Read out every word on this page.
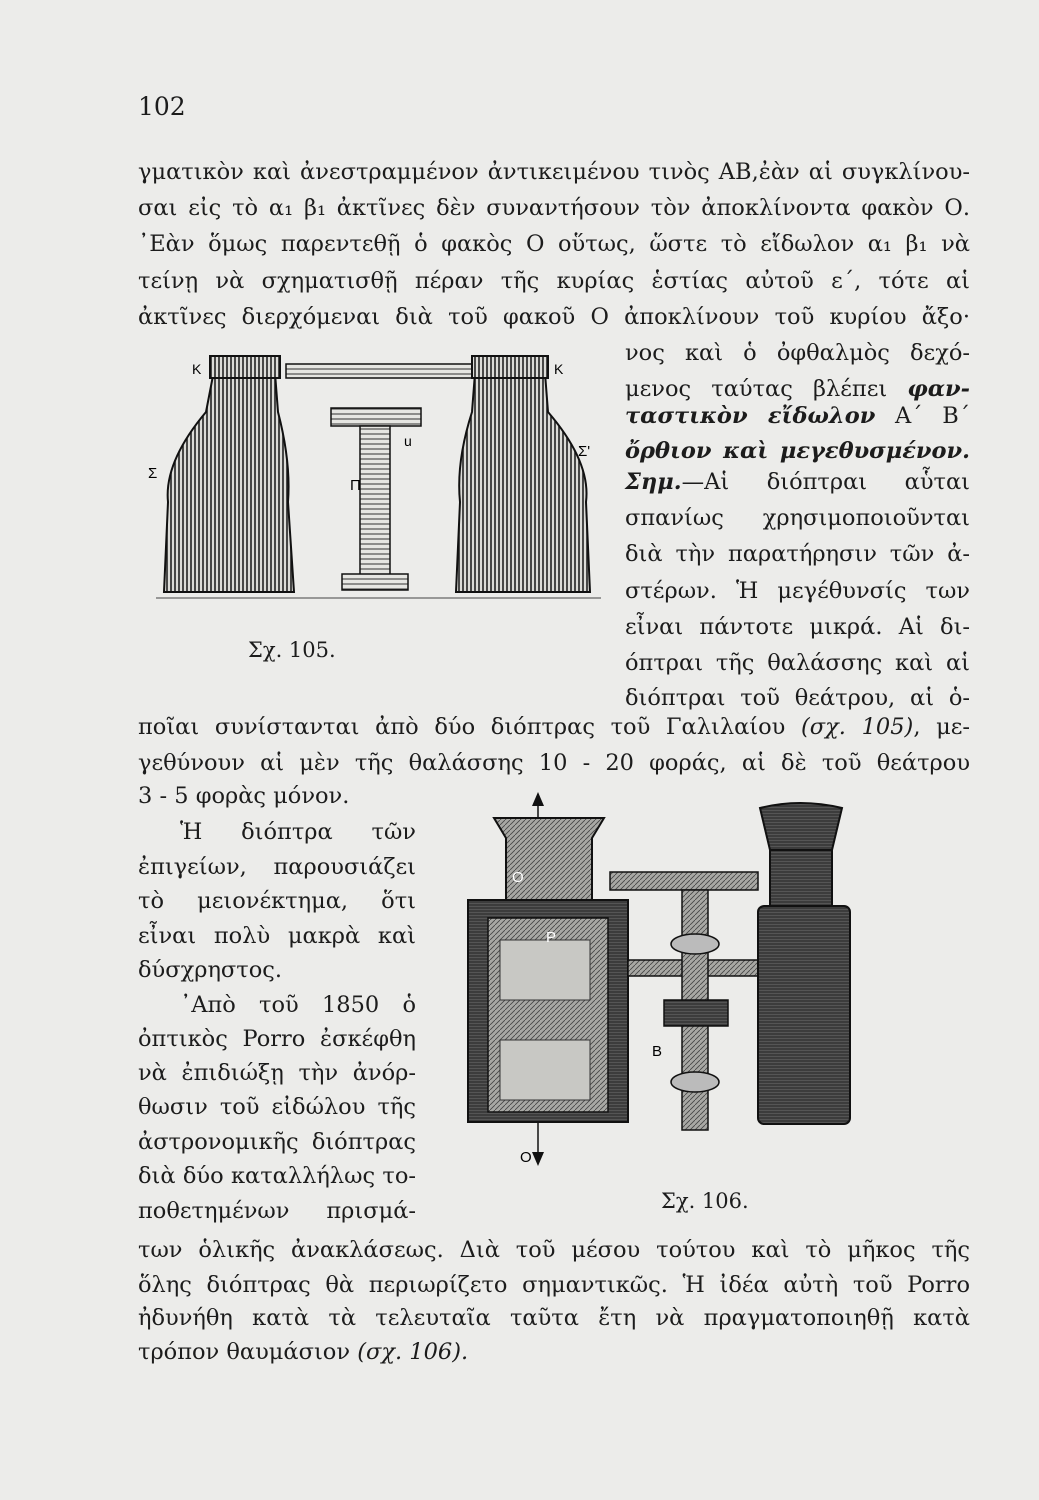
102
γματικὸν καὶ ἀνεστραμμένον ἀντικειμένου τινὸς ΑΒ,ἐὰν αἱ συγκλίνου-
σαι εἰς τὸ α₁ β₁ ἀκτῖνες δὲν συναντήσουν τὸν ἀποκλίνοντα φακὸν Ο.
᾿Εὰν ὅμως παρεντεθῇ ὁ φακὸς Ο οὕτως, ὥστε τὸ εἴδωλον α₁ β₁ νὰ
τείνῃ νὰ σχηματισθῇ πέραν τῆς κυρίας ἑστίας αὐτοῦ ε΄, τότε αἱ
ἀκτῖνες διερχόμεναι διὰ τοῦ φακοῦ Ο ἀποκλίνουν τοῦ κυρίου ἄξο·
νος καὶ ὁ ὀφθαλμὸς δεχό-
μενος ταύτας βλέπει φαν-
ταστικὸν εἴδωλον Α΄ Β΄
ὄρθιον καὶ μεγεθυσμένον.
Σημ.—Αἱ διόπτραι αὗται
σπανίως χρησιμοποιοῦνται
διὰ τὴν παρατήρησιν τῶν ἀ-
στέρων. Ἡ μεγέθυνσίς των
εἶναι πάντοτε μικρά. Αἱ δι-
όπτραι τῆς θαλάσσης καὶ αἱ
διόπτραι τοῦ θεάτρου, αἱ ὁ-
K	K
Σ
Σ'
Π
u
Σχ. 105.
ποῖαι συνίστανται ἀπὸ δύο διόπτρας τοῦ Γαλιλαίου (σχ. 105), με-
γεθύνουν αἱ μὲν τῆς θαλάσσης 10 - 20 φοράς, αἱ δὲ τοῦ θεάτρου
3 - 5 φορὰς μόνον.
Ἡ διόπτρα τῶν
ἐπιγείων, παρουσιάζει
τὸ μειονέκτημα, ὅτι
εἶναι πολὺ μακρὰ καὶ
δύσχρηστος.
᾿Απὸ τοῦ 1850 ὁ
ὀπτικὸς Porro ἐσκέφθη
νὰ ἐπιδιώξῃ τὴν ἀνόρ-
θωσιν τοῦ εἰδώλου τῆς
ἀστρονομικῆς διόπτρας
διὰ δύο καταλλήλως το-
ποθετημένων πρισμά-
O
P
B
O
Σχ. 106.
των ὁλικῆς ἀνακλάσεως. Διὰ τοῦ μέσου τούτου καὶ τὸ μῆκος τῆς
ὅλης διόπτρας θὰ περιωρίζετο σημαντικῶς. Ἡ ἰδέα αὐτὴ τοῦ Porro
ἠδυνήθη κατὰ τὰ τελευταῖα ταῦτα ἔτη νὰ πραγματοποιηθῇ κατὰ
τρόπον θαυμάσιον (σχ. 106).
